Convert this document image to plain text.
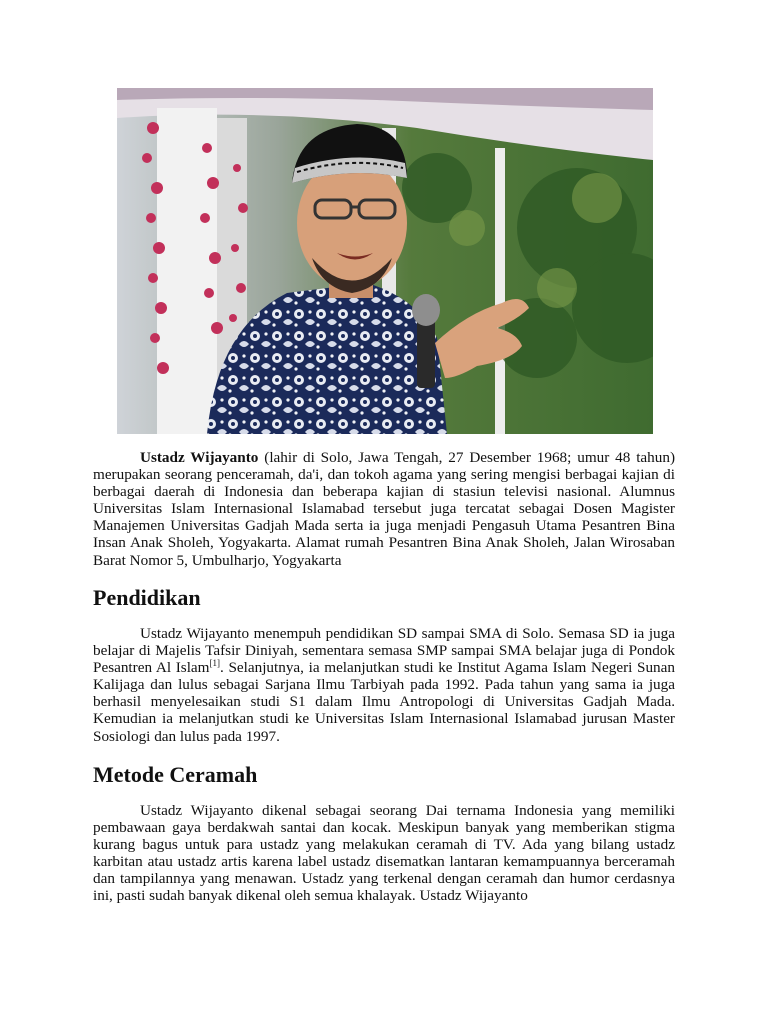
Ustadz Wijayanto (lahir di Solo, Jawa Tengah, 27 Desember 1968; umur 48 tahun) merupakan seorang penceramah, da'i, dan tokoh agama yang sering mengisi berbagai kajian di berbagai daerah di Indonesia dan beberapa kajian di stasiun televisi nasional. Alumnus Universitas Islam Internasional Islamabad tersebut juga tercatat sebagai Dosen Magister Manajemen Universitas Gadjah Mada serta ia juga menjadi Pengasuh Utama Pesantren Bina Insan Anak Sholeh, Yogyakarta. Alamat rumah Pesantren Bina Anak Sholeh, Jalan Wirosaban Barat Nomor 5, Umbulharjo, Yogyakarta
Pendidikan
Ustadz Wijayanto menempuh pendidikan SD sampai SMA di Solo. Semasa SD ia juga belajar di Majelis Tafsir Diniyah, sementara semasa SMP sampai SMA belajar juga di Pondok Pesantren Al Islam[1]. Selanjutnya, ia melanjutkan studi ke Institut Agama Islam Negeri Sunan Kalijaga dan lulus sebagai Sarjana Ilmu Tarbiyah pada 1992. Pada tahun yang sama ia juga berhasil menyelesaikan studi S1 dalam Ilmu Antropologi di Universitas Gadjah Mada. Kemudian ia melanjutkan studi ke Universitas Islam Internasional Islamabad jurusan Master Sosiologi dan lulus pada 1997.
Metode Ceramah
Ustadz Wijayanto dikenal sebagai seorang Dai ternama Indonesia yang memiliki pembawaan gaya berdakwah santai dan kocak. Meskipun banyak yang memberikan stigma kurang bagus untuk para ustadz yang melakukan ceramah di TV. Ada yang bilang ustadz karbitan atau ustadz artis karena label ustadz disematkan lantaran kemampuannya berceramah dan tampilannya yang menawan. Ustadz yang terkenal dengan ceramah dan humor cerdasnya ini, pasti sudah banyak dikenal oleh semua khalayak. Ustadz Wijayanto
